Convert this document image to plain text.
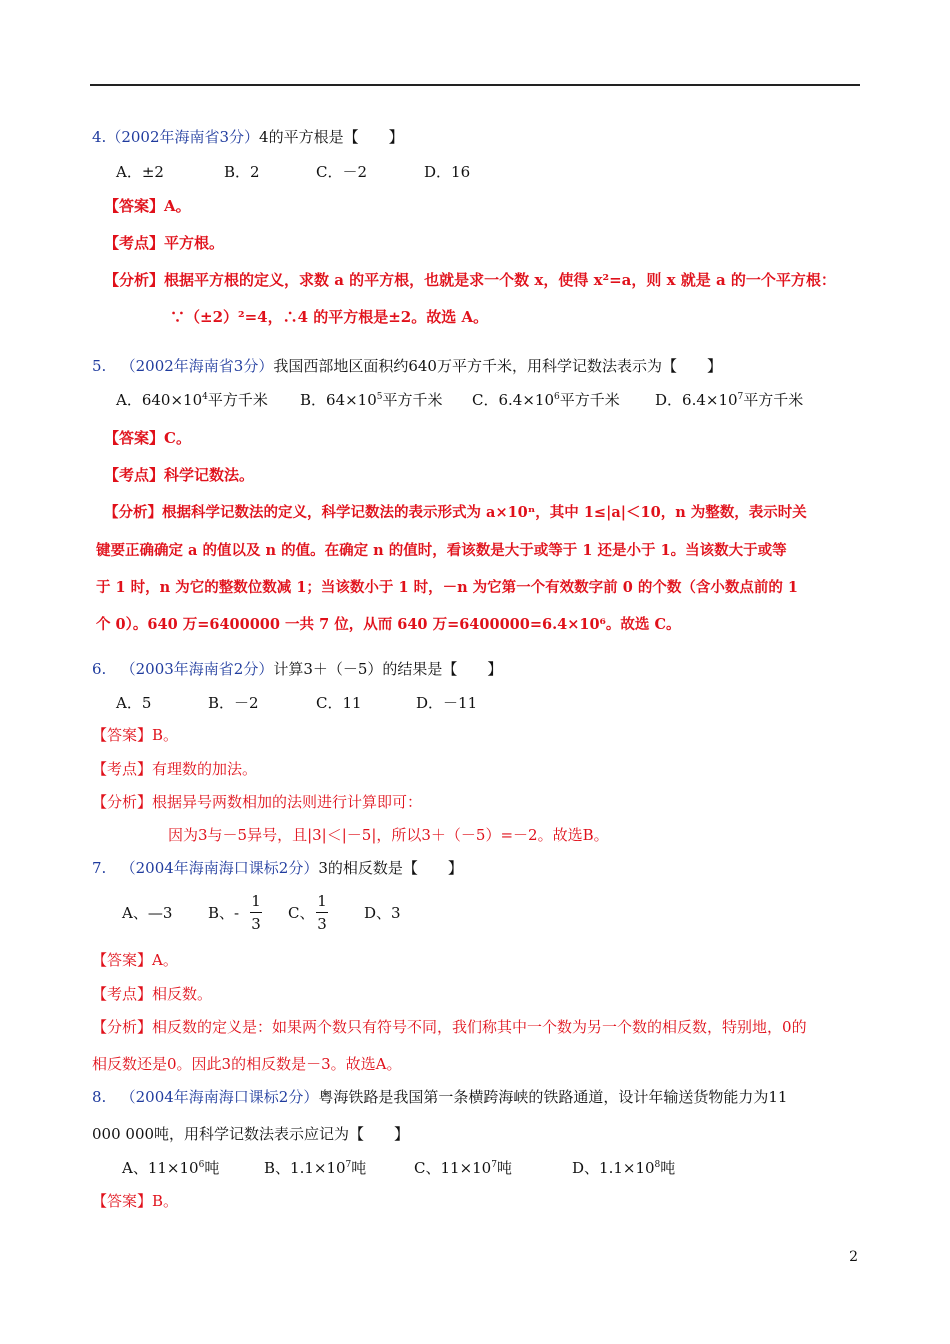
4.（2002年海南省3分）4的平方根是【　　】
A．±2	B．2	C．－2	D．16
【答案】A。
【考点】平方根。
【分析】根据平方根的定义，求数 a 的平方根，也就是求一个数 x，使得 x²=a，则 x 就是 a 的一个平方根：
∵（±2）²=4，∴4 的平方根是±2。故选 A。
5. （2002年海南省3分）我国西部地区面积约640万平方千米，用科学记数法表示为【　　】
A．$640\times 10^4$平方千米 B．$64\times 10^5$平方千米 C．$6.4\times 10^6$平方千米 D．$6.4\times 10^7$平方千米
【答案】C。
【考点】科学记数法。
【分析】根据科学记数法的定义，科学记数法的表示形式为 a×10ⁿ，其中 1≤|a|＜10，n 为整数，表示时关
键要正确确定 a 的值以及 n 的值。在确定 n 的值时，看该数是大于或等于 1 还是小于 1。当该数大于或等
于 1 时，n 为它的整数位数减 1；当该数小于 1 时，－n 为它第一个有效数字前 0 的个数（含小数点前的 1
个 0）。640 万=6400000 一共 7 位，从而 640 万=6400000=6.4×10⁶。故选 C。
6. （2003年海南省2分）计算3＋（－5）的结果是【　　】
A．5	B．－2	C．11	D．－11
【答案】B。
【考点】有理数的加法。
【分析】根据异号两数相加的法则进行计算即可：
因为3与－5异号，且|3|＜|－5|，所以3＋（－5）=－2。故选B。
7. （2004年海南海口课标2分）3的相反数是【　　】
A、—3 B、-
1
3
C、
1
3
D、3
【答案】A。
【考点】相反数。
【分析】相反数的定义是：如果两个数只有符号不同，我们称其中一个数为另一个数的相反数，特别地，0的
相反数还是0。因此3的相反数是－3。故选A。
8. （2004年海南海口课标2分）粤海铁路是我国第一条横跨海峡的铁路通道，设计年输送货物能力为11
000 000吨，用科学记数法表示应记为【　　】
A、$11\times 10^6$吨	B、$1.1\times 10^7$吨	C、$11\times 10^7$吨	D、$1.1\times 10^8$吨
【答案】B。
2
